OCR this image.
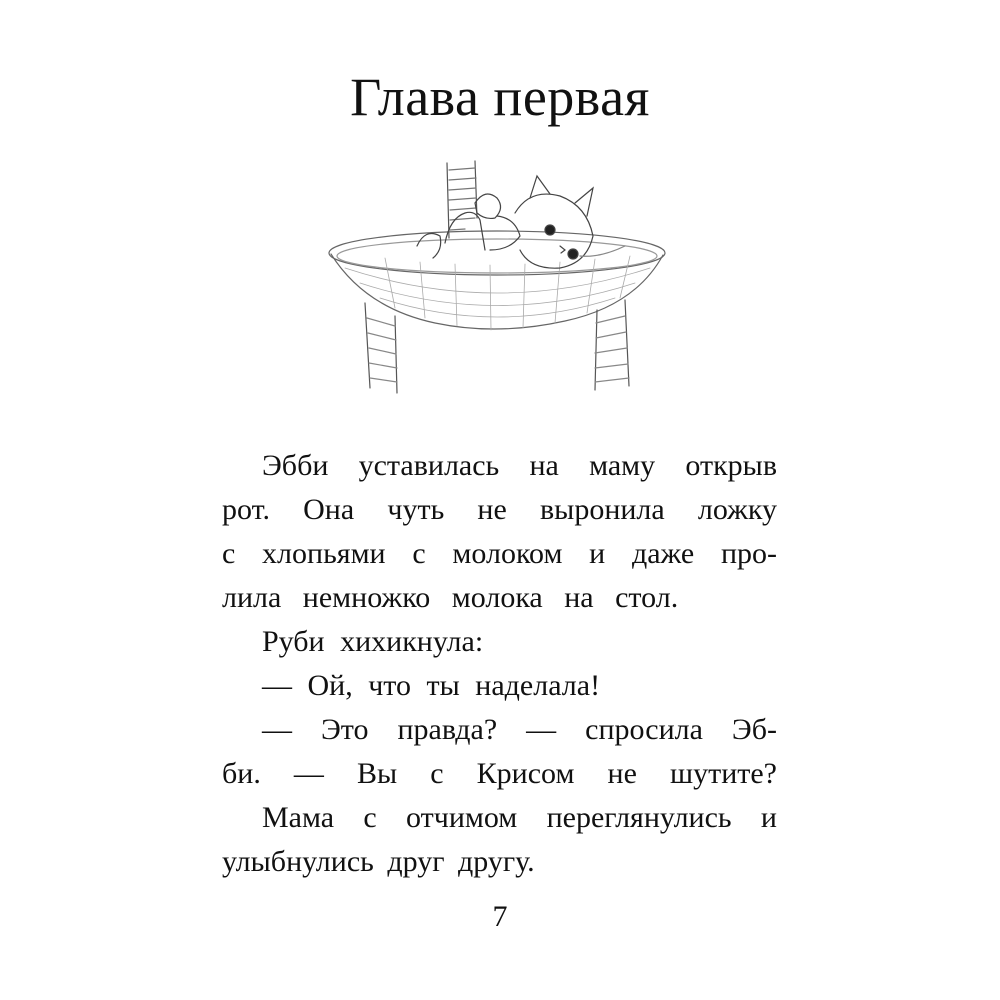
Глава первая
Эбби уставилась на маму открыв
рот. Она чуть не выронила ложку
с хлопьями с молоком и даже про-
лила немножко молока на стол.
Руби хихикнула:
— Ой, что ты наделала!
— Это правда? — спросила Эб-
би. — Вы с Крисом не шутите?
Мама с отчимом переглянулись и
улыбнулись друг другу.
7
